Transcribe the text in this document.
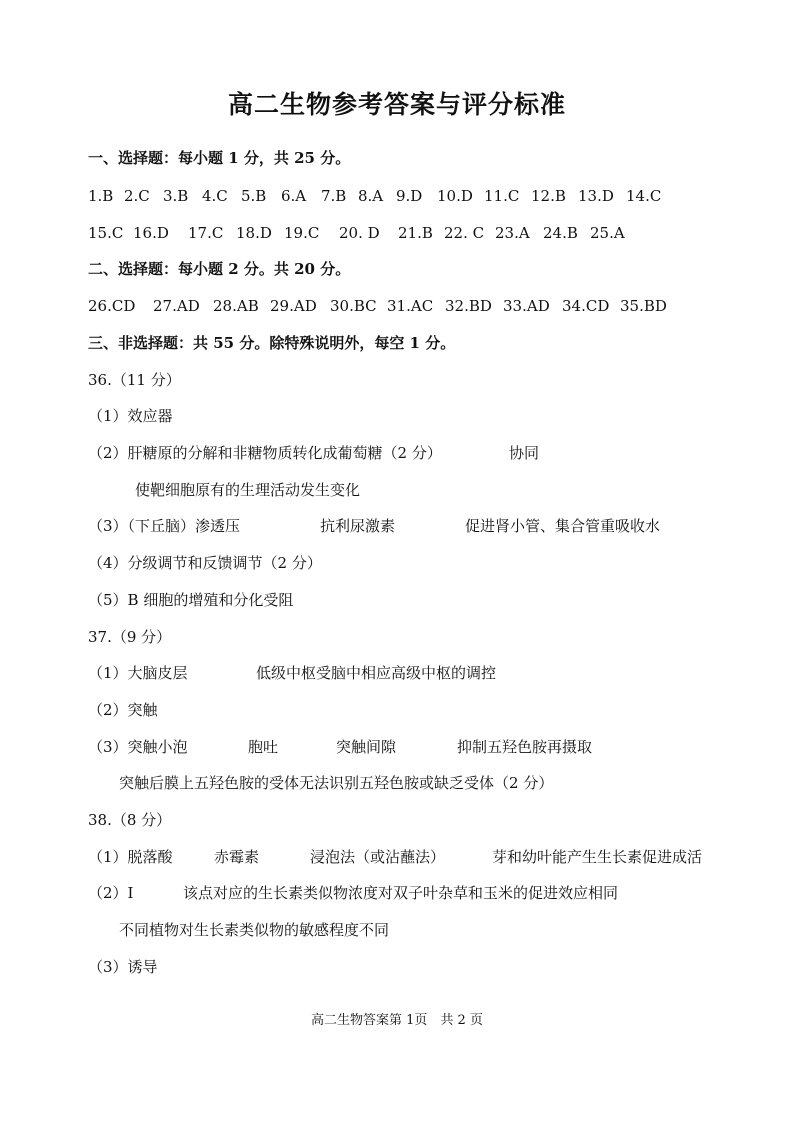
高二生物参考答案与评分标准
一、选择题：每小题 1 分，共 25 分。
1.B 2.C 3.B 4.C 5.B 6.A 7.B 8.A 9.D 10.D 11.C 12.B 13.D 14.C
15.C 16.D 17.C 18.D 19.C 20. D 21.B 22. C 23.A 24.B 25.A
二、选择题：每小题 2 分。共 20 分。
26.CD 27.AD 28.AB 29.AD 30.BC 31.AC 32.BD 33.AD 34.CD 35.BD
三、非选择题：共 55 分。除特殊说明外，每空 1 分。
36.（11 分）
（1）效应器
（2）肝糖原的分解和非糖物质转化成葡萄糖（2 分）	协同
使靶细胞原有的生理活动发生变化
（3）（下丘脑）渗透压	抗利尿激素	促进肾小管、集合管重吸收水
（4）分级调节和反馈调节（2 分）
（5）B 细胞的增殖和分化受阻
37.（9 分）
（1）大脑皮层	低级中枢受脑中相应高级中枢的调控
（2）突触
（3）突触小泡	胞吐	突触间隙	抑制五羟色胺再摄取
突触后膜上五羟色胺的受体无法识别五羟色胺或缺乏受体（2 分）
38.（8 分）
（1）脱落酸	赤霉素	浸泡法（或沾蘸法）	芽和幼叶能产生生长素促进成活
（2）I	该点对应的生长素类似物浓度对双子叶杂草和玉米的促进效应相同
不同植物对生长素类似物的敏感程度不同
（3）诱导
高二生物答案第 1页　共 2 页
